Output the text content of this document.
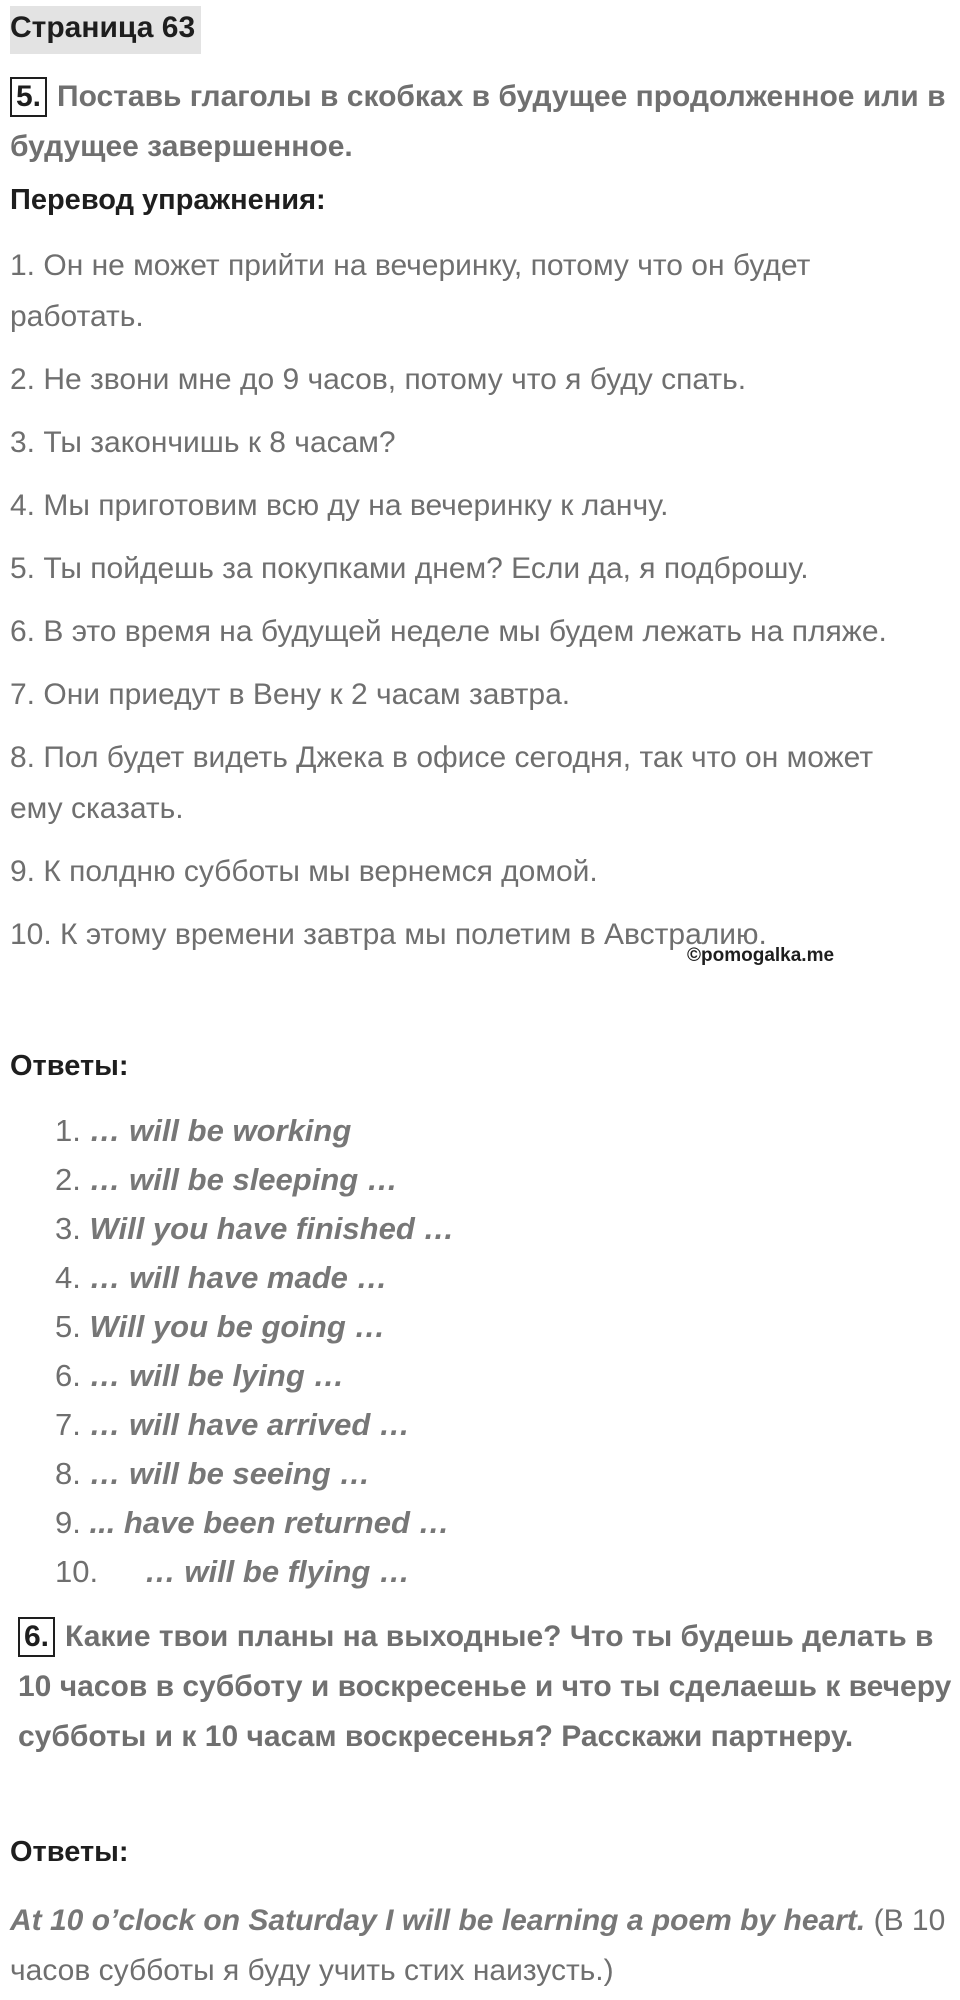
Страница 63
5. Поставь глаголы в скобках в будущее продолженное или в будущее завершенное.
Перевод упражнения:
1. Он не может прийти на вечеринку, потому что он будет работать.
2. Не звони мне до 9 часов, потому что я буду спать.
3. Ты закончишь к 8 часам?
4. Мы приготовим всю ду на вечеринку к ланчу.
5. Ты пойдешь за покупками днем? Если да, я подброшу.
6. В это время на будущей неделе мы будем лежать на пляже.
7. Они приедут в Вену к 2 часам завтра.
8. Пол будет видеть Джека в офисе сегодня, так что он может ему сказать.
9. К полдню субботы мы вернемся домой.
10. К этому времени завтра мы полетим в Австралию.
©pomogalka.me
Ответы:
1. … will be working
2. … will be sleeping …
3. Will you have finished …
4. … will have made …
5. Will you be going …
6. … will be lying …
7. … will have arrived …
8. … will be seeing …
9. ... have been returned …
10. … will be flying …
6. Какие твои планы на выходные? Что ты будешь делать в 10 часов в субботу и воскресенье и что ты сделаешь к вечеру субботы и к 10 часам воскресенья? Расскажи партнеру.
Ответы:
At 10 o’clock on Saturday I will be learning a poem by heart. (В 10 часов субботы я буду учить стих наизусть.)
